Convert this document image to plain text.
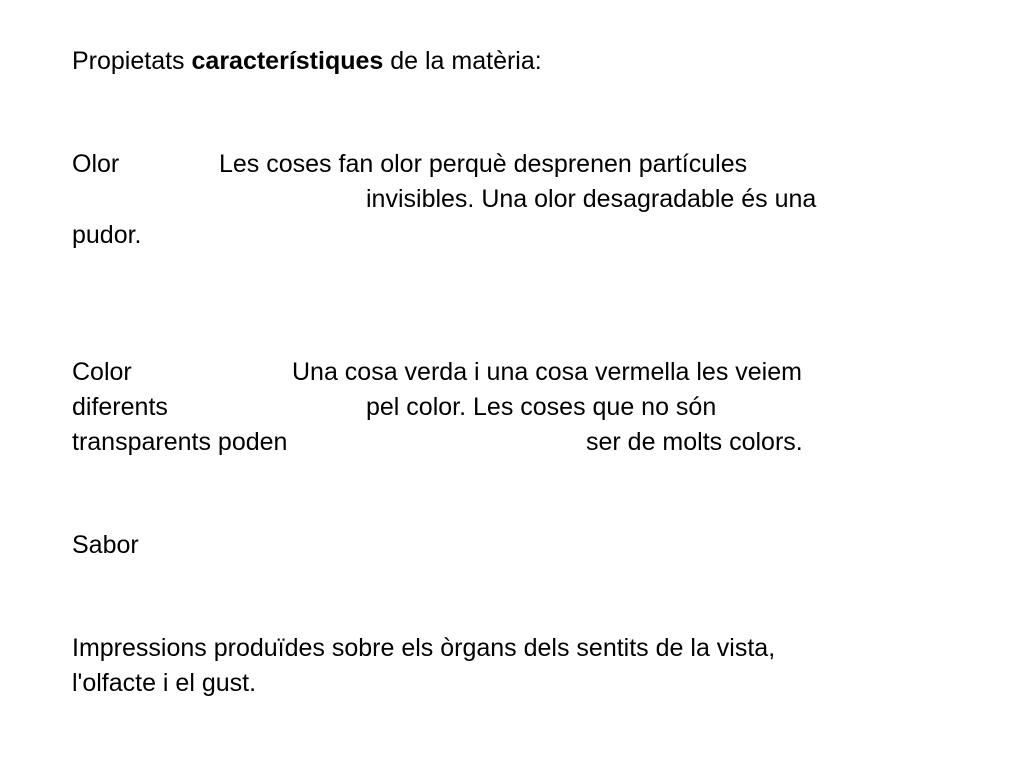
Propietats característiques de la matèria:

Olor	Les coses fan olor perquè desprenen partícules

invisibles. Una olor desagradable és una

pudor.

Color	Una cosa verda i una cosa vermella les veiem

diferents	pel color. Les coses que no són

transparents poden	ser de molts colors.

Sabor

Impressions produïdes sobre els òrgans dels sentits de la vista,

l'olfacte i el gust.
